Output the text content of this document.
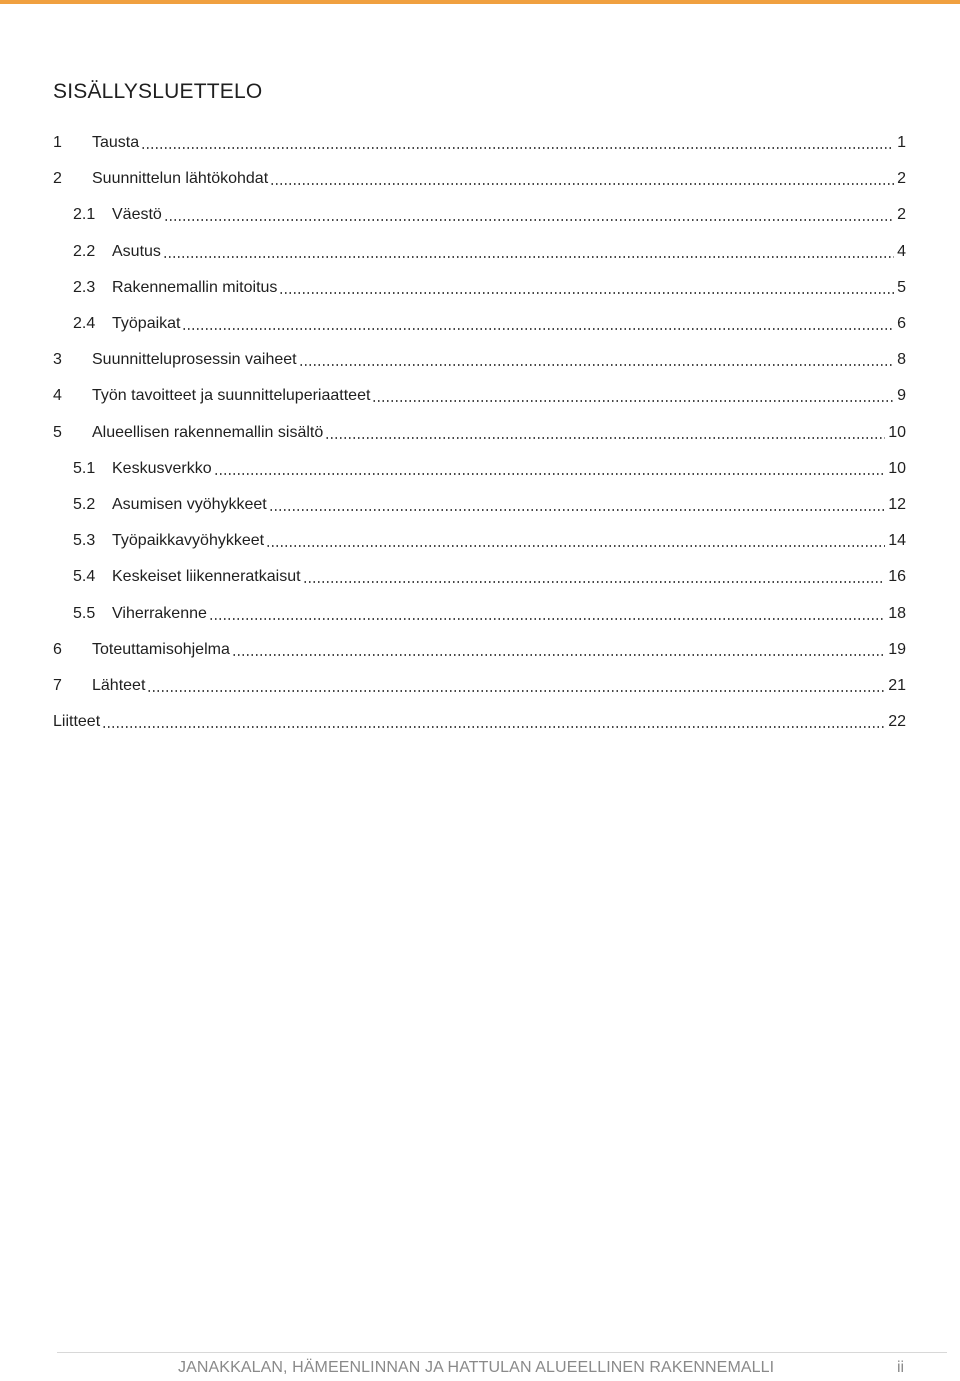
SISÄLLYSLUETTELO
1	Tausta	1
2	Suunnittelun lähtökohdat	2
2.1	Väestö	2
2.2	Asutus	4
2.3	Rakennemallin mitoitus	5
2.4	Työpaikat	6
3	Suunnitteluprosessin vaiheet	8
4	Työn tavoitteet ja suunnitteluperiaatteet	9
5	Alueellisen rakennemallin sisältö	10
5.1	Keskusverkko	10
5.2	Asumisen vyöhykkeet	12
5.3	Työpaikkavyöhykkeet	14
5.4	Keskeiset liikenneratkaisut	16
5.5	Viherrakenne	18
6	Toteuttamisohjelma	19
7	Lähteet	21
Liitteet	22
JANAKKALAN, HÄMEENLINNAN JA HATTULAN ALUEELLINEN RAKENNEMALLI	ii
